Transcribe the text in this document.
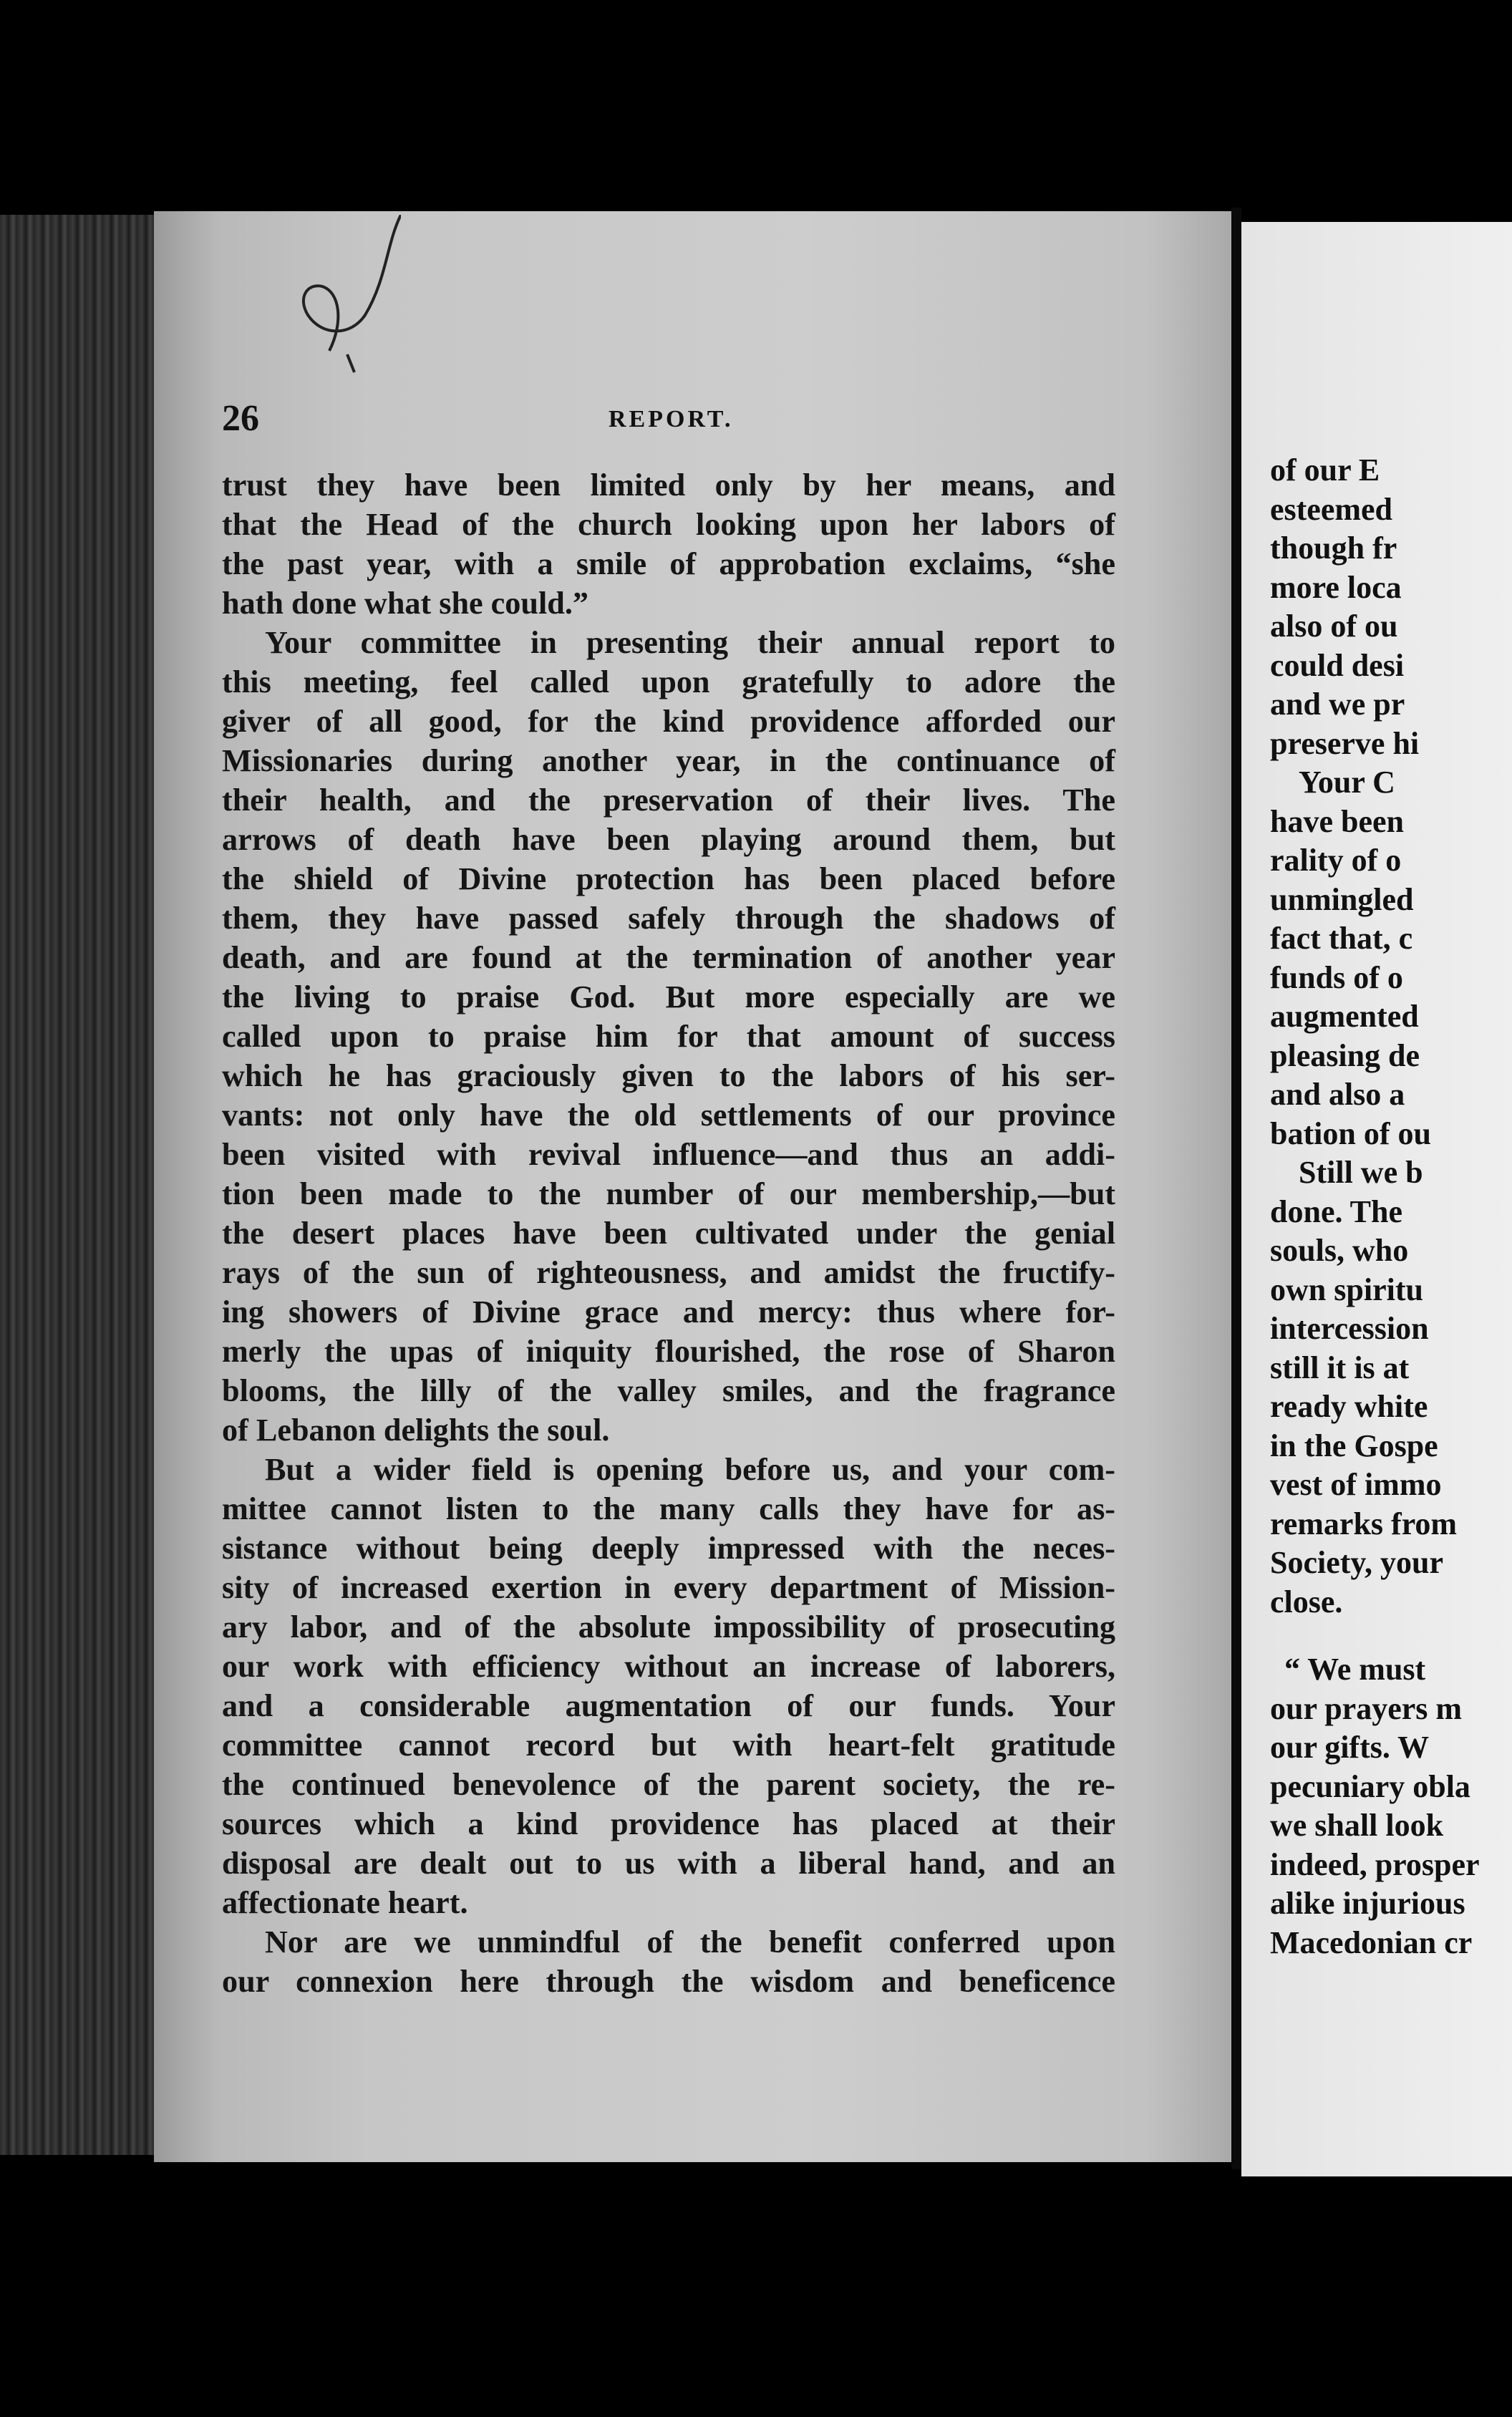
26	REPORT.
trust they have been limited only by her means, and
that the Head of the church looking upon her labors of
the past year, with a smile of approbation exclaims, “she
hath done what she could.”
Your committee in presenting their annual report to
this meeting, feel called upon gratefully to adore the
giver of all good, for the kind providence afforded our
Missionaries during another year, in the continuance of
their health, and the preservation of their lives. The
arrows of death have been playing around them, but
the shield of Divine protection has been placed before
them, they have passed safely through the shadows of
death, and are found at the termination of another year
the living to praise God. But more especially are we
called upon to praise him for that amount of success
which he has graciously given to the labors of his ser-
vants: not only have the old settlements of our province
been visited with revival influence—and thus an addi-
tion been made to the number of our membership,—but
the desert places have been cultivated under the genial
rays of the sun of righteousness, and amidst the fructify-
ing showers of Divine grace and mercy: thus where for-
merly the upas of iniquity flourished, the rose of Sharon
blooms, the lilly of the valley smiles, and the fragrance
of Lebanon delights the soul.
But a wider field is opening before us, and your com-
mittee cannot listen to the many calls they have for as-
sistance without being deeply impressed with the neces-
sity of increased exertion in every department of Mission-
ary labor, and of the absolute impossibility of prosecuting
our work with efficiency without an increase of laborers,
and a considerable augmentation of our funds. Your
committee cannot record but with heart-felt gratitude
the continued benevolence of the parent society, the re-
sources which a kind providence has placed at their
disposal are dealt out to us with a liberal hand, and an
affectionate heart.
Nor are we unmindful of the benefit conferred upon
our connexion here through the wisdom and beneficence
of our E
esteemed
though fr
more loca
also of ou
could desi
and we pr
preserve hi
Your C
have been
rality of o
unmingled
fact that, c
funds of o
augmented
pleasing de
and also a
bation of ou
Still we b
done. The
souls, who
own spiritu
intercession
still it is at
ready white
in the Gospe
vest of immo
remarks from
Society, your
close.
“ We must
our prayers m
our gifts. W
pecuniary obla
we shall look
indeed, prosper
alike injurious
Macedonian cr
